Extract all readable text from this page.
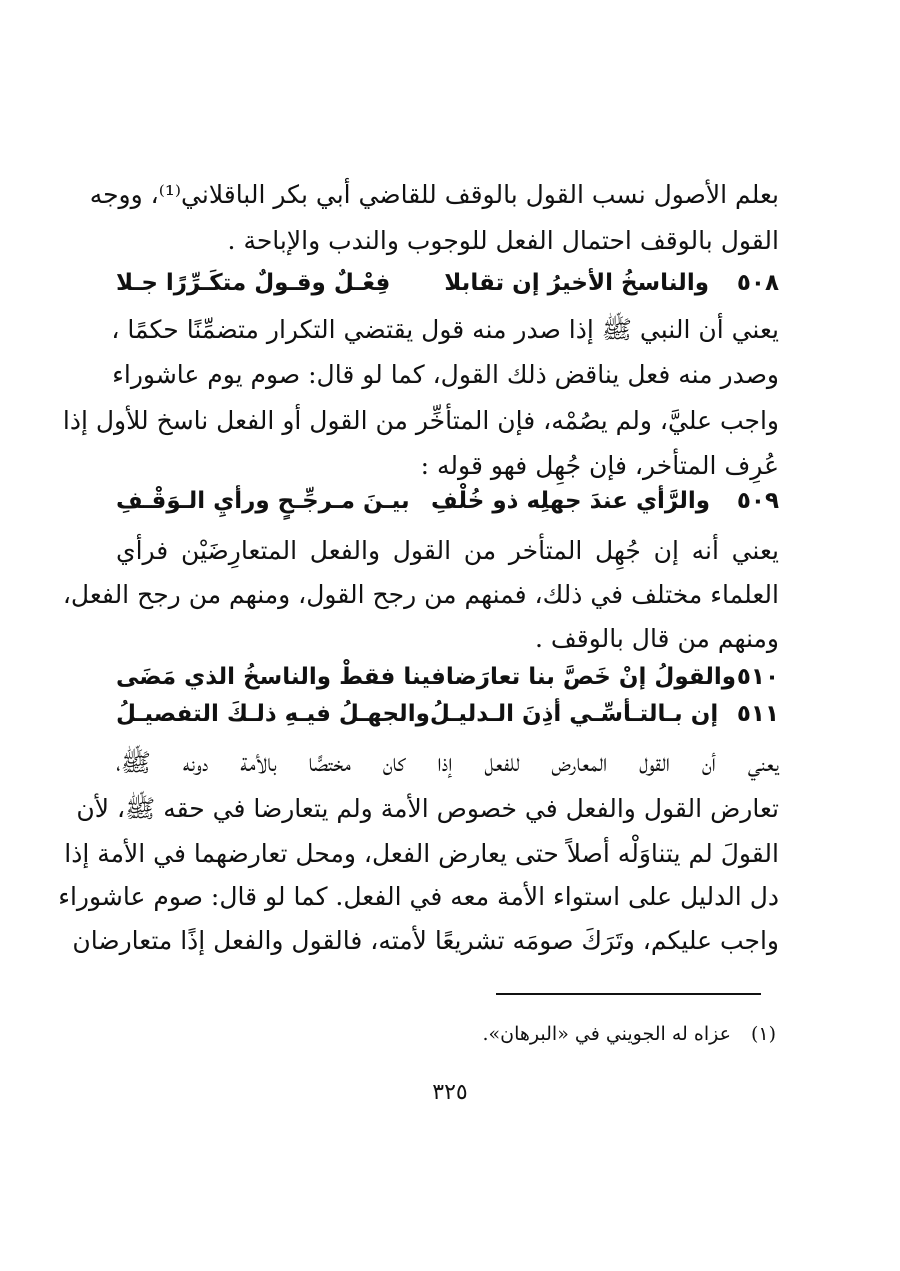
بعلم الأصول نسب القول بالوقف للقاضي أبي بكر الباقلاني⁽¹⁾، ووجه
القول بالوقف احتمال الفعل للوجوب والندب والإباحة .
٥٠٨
والناسخُ الأخيرُ إن تقابلا
فِعْـلٌ وقـولٌ متكَـرِّرًا جـلا
يعني أن النبي ﷺ إذا صدر منه قول يقتضي التكرار متضمِّنًا حكمًا ،
وصدر منه فعل يناقض ذلك القول، كما لو قال: صوم يوم عاشوراء
واجب عليَّ، ولم يصُمْه، فإن المتأخِّر من القول أو الفعل ناسخ للأول إذا
عُرِف المتأخر، فإن جُهِل فهو قوله :
٥٠٩
والرَّأي عندَ جهلِه ذو خُلْفِ
بيـنَ مـرجِّـحٍ ورأيِ الـوَقْـفِ
يعني أنه إن جُهِل المتأخر من القول والفعل المتعارِضَيْن فرأي
العلماء مختلف في ذلك، فمنهم من رجح القول، ومنهم من رجح الفعل،
ومنهم من قال بالوقف .
٥١٠
والقولُ إنْ خَصَّ بنا تعارَضا
فينا فقطْ والناسخُ الذي مَضَى
٥١١
إن بـالتـأسِّـي أذِنَ الـدليـلُ
والجهـلُ فيـهِ ذلـكَ التفصيـلُ
يعني أن القول المعارض للفعل إذا كان مختصًّا بالأمة دونه ﷺ،
تعارض القول والفعل في خصوص الأمة ولم يتعارضا في حقه ﷺ، لأن
القولَ لم يتناوَلْه أصلاً حتى يعارض الفعل، ومحل تعارضهما في الأمة إذا
دل الدليل على استواء الأمة معه في الفعل. كما لو قال: صوم عاشوراء
واجب عليكم، وتَرَكَ صومَه تشريعًا لأمته، فالقول والفعل إذًا متعارضان
(١)عزاه له الجويني في «البرهان».
٣٢٥
